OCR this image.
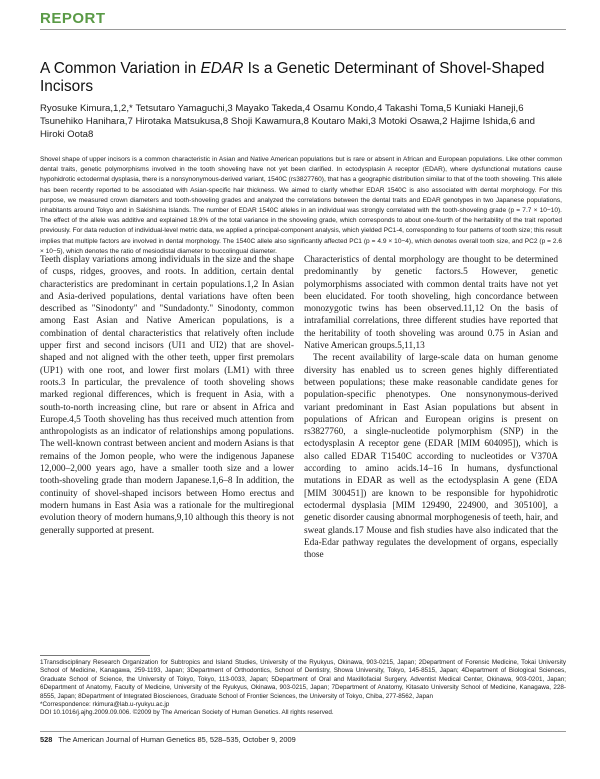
REPORT
A Common Variation in EDAR Is a Genetic Determinant of Shovel-Shaped Incisors
Ryosuke Kimura,1,2,* Tetsutaro Yamaguchi,3 Mayako Takeda,4 Osamu Kondo,4 Takashi Toma,5 Kuniaki Haneji,6 Tsunehiko Hanihara,7 Hirotaka Matsukusa,8 Shoji Kawamura,8 Koutaro Maki,3 Motoki Osawa,2 Hajime Ishida,6 and Hiroki Oota8
Shovel shape of upper incisors is a common characteristic in Asian and Native American populations but is rare or absent in African and European populations. Like other common dental traits, genetic polymorphisms involved in the tooth shoveling have not yet been clarified. In ectodysplasin A receptor (EDAR), where dysfunctional mutations cause hypohidrotic ectodermal dysplasia, there is a nonsynonymous-derived variant, 1540C (rs3827760), that has a geographic distribution similar to that of the tooth shoveling. This allele has been recently reported to be associated with Asian-specific hair thickness. We aimed to clarify whether EDAR 1540C is also associated with dental morphology. For this purpose, we measured crown diameters and tooth-shoveling grades and analyzed the correlations between the dental traits and EDAR genotypes in two Japanese populations, inhabitants around Tokyo and in Sakishima Islands. The number of EDAR 1540C alleles in an individual was strongly correlated with the tooth-shoveling grade (p = 7.7 × 10−10). The effect of the allele was additive and explained 18.9% of the total variance in the shoveling grade, which corresponds to about one-fourth of the heritability of the trait reported previously. For data reduction of individual-level metric data, we applied a principal-component analysis, which yielded PC1-4, corresponding to four patterns of tooth size; this result implies that multiple factors are involved in dental morphology. The 1540C allele also significantly affected PC1 (p = 4.9 × 10−4), which denotes overall tooth size, and PC2 (p = 2.6 × 10−5), which denotes the ratio of mesiodistal diameter to buccolingual diameter.

Teeth display variations among individuals in the size and the shape of cusps, ridges, grooves, and roots. In addition, certain dental characteristics are predominant in certain populations.1,2 In Asian and Asia-derived populations, dental variations have often been described as "Sinodonty" and "Sundadonty." Sinodonty, common among East Asian and Native American populations, is a combination of dental characteristics that relatively often include upper first and second incisors (UI1 and UI2) that are shovel-shaped and not aligned with the other teeth, upper first premolars (UP1) with one root, and lower first molars (LM1) with three roots.3 In particular, the prevalence of tooth shoveling shows marked regional differences, which is frequent in Asia, with a south-to-north increasing cline, but rare or absent in Africa and Europe.4,5 Tooth shoveling has thus received much attention from anthropologists as an indicator of relationships among populations. The well-known contrast between ancient and modern Asians is that remains of the Jomon people, who were the indigenous Japanese 12,000–2,000 years ago, have a smaller tooth size and a lower tooth-shoveling grade than modern Japanese.1,6–8 In addition, the continuity of shovel-shaped incisors between Homo erectus and modern humans in East Asia was a rationale for the multiregional evolution theory of modern humans,9,10 although this theory is not generally supported at present.

Characteristics of dental morphology are thought to be determined predominantly by genetic factors.5 However, genetic polymorphisms associated with common dental traits have not yet been elucidated. For tooth shoveling, high concordance between monozygotic twins has been observed.11,12 On the basis of intrafamilial correlations, three different studies have reported that the heritability of tooth shoveling was around 0.75 in Asian and Native American groups.5,11,13

The recent availability of large-scale data on human genome diversity has enabled us to screen genes highly differentiated between populations; these make reasonable candidate genes for population-specific phenotypes. One nonsynonymous-derived variant predominant in East Asian populations but absent in populations of African and European origins is present on rs3827760, a single-nucleotide polymorphism (SNP) in the ectodysplasin A receptor gene (EDAR [MIM 604095]), which is also called EDAR T1540C according to nucleotides or V370A according to amino acids.14–16 In humans, dysfunctional mutations in EDAR as well as the ectodysplasin A gene (EDA [MIM 300451]) are known to be responsible for hypohidrotic ectodermal dysplasia [MIM 129490, 224900, and 305100], a genetic disorder causing abnormal morphogenesis of teeth, hair, and sweat glands.17 Mouse and fish studies have also indicated that the Eda-Edar pathway regulates the development of organs, especially those

1Transdisciplinary Research Organization for Subtropics and Island Studies, University of the Ryukyus, Okinawa, 903-0215, Japan; 2Department of Forensic Medicine, Tokai University School of Medicine, Kanagawa, 259-1193, Japan; 3Department of Orthodontics, School of Dentistry, Showa University, Tokyo, 145-8515, Japan; 4Department of Biological Sciences, Graduate School of Science, the University of Tokyo, Tokyo, 113-0033, Japan; 5Department of Oral and Maxillofacial Surgery, Adventist Medical Center, Okinawa, 903-0201, Japan; 6Department of Anatomy, Faculty of Medicine, University of the Ryukyus, Okinawa, 903-0215, Japan; 7Department of Anatomy, Kitasato University School of Medicine, Kanagawa, 228-8555, Japan; 8Department of Integrated Biosciences, Graduate School of Frontier Sciences, the University of Tokyo, Chiba, 277-8562, Japan

*Correspondence: rkimura@lab.u-ryukyu.ac.jp

DOI 10.1016/j.ajhg.2009.09.006. ©2009 by The American Society of Human Genetics. All rights reserved.

528 The American Journal of Human Genetics 85, 528–535, October 9, 2009
